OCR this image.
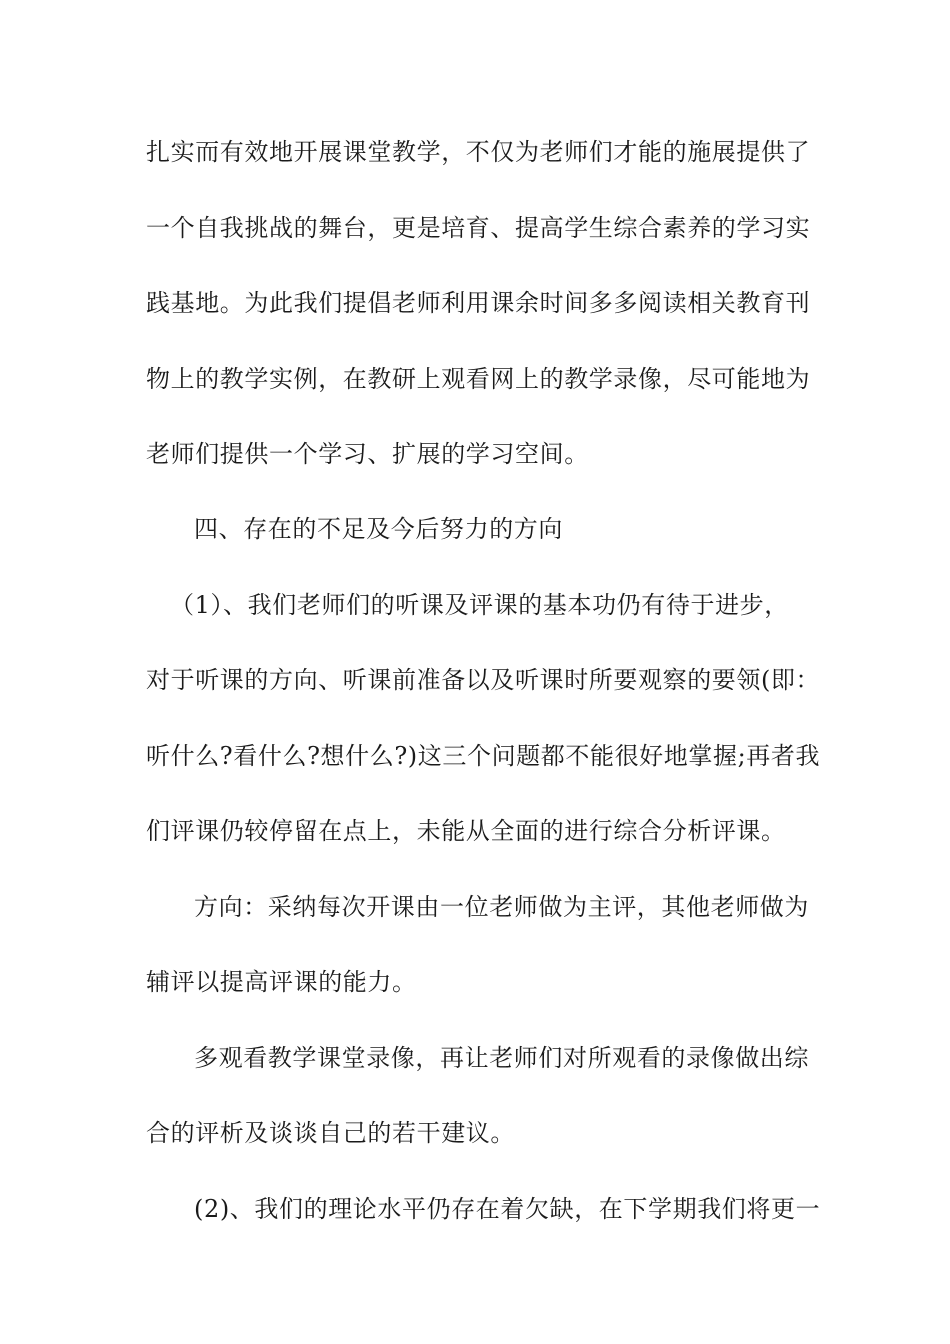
扎实而有效地开展课堂教学，不仅为老师们才能的施展提供了
一个自我挑战的舞台，更是培育、提高学生综合素养的学习实
践基地。为此我们提倡老师利用课余时间多多阅读相关教育刊
物上的教学实例，在教研上观看网上的教学录像，尽可能地为
老师们提供一个学习、扩展的学习空间。
四、存在的不足及今后努力的方向
（1）、我们老师们的听课及评课的基本功仍有待于进步，
对于听课的方向、听课前准备以及听课时所要观察的要领(即：
听什么?看什么?想什么?)这三个问题都不能很好地掌握;再者我
们评课仍较停留在点上，未能从全面的进行综合分析评课。
方向：采纳每次开课由一位老师做为主评，其他老师做为
辅评以提高评课的能力。
多观看教学课堂录像，再让老师们对所观看的录像做出综
合的评析及谈谈自己的若干建议。
(2)、我们的理论水平仍存在着欠缺，在下学期我们将更一
